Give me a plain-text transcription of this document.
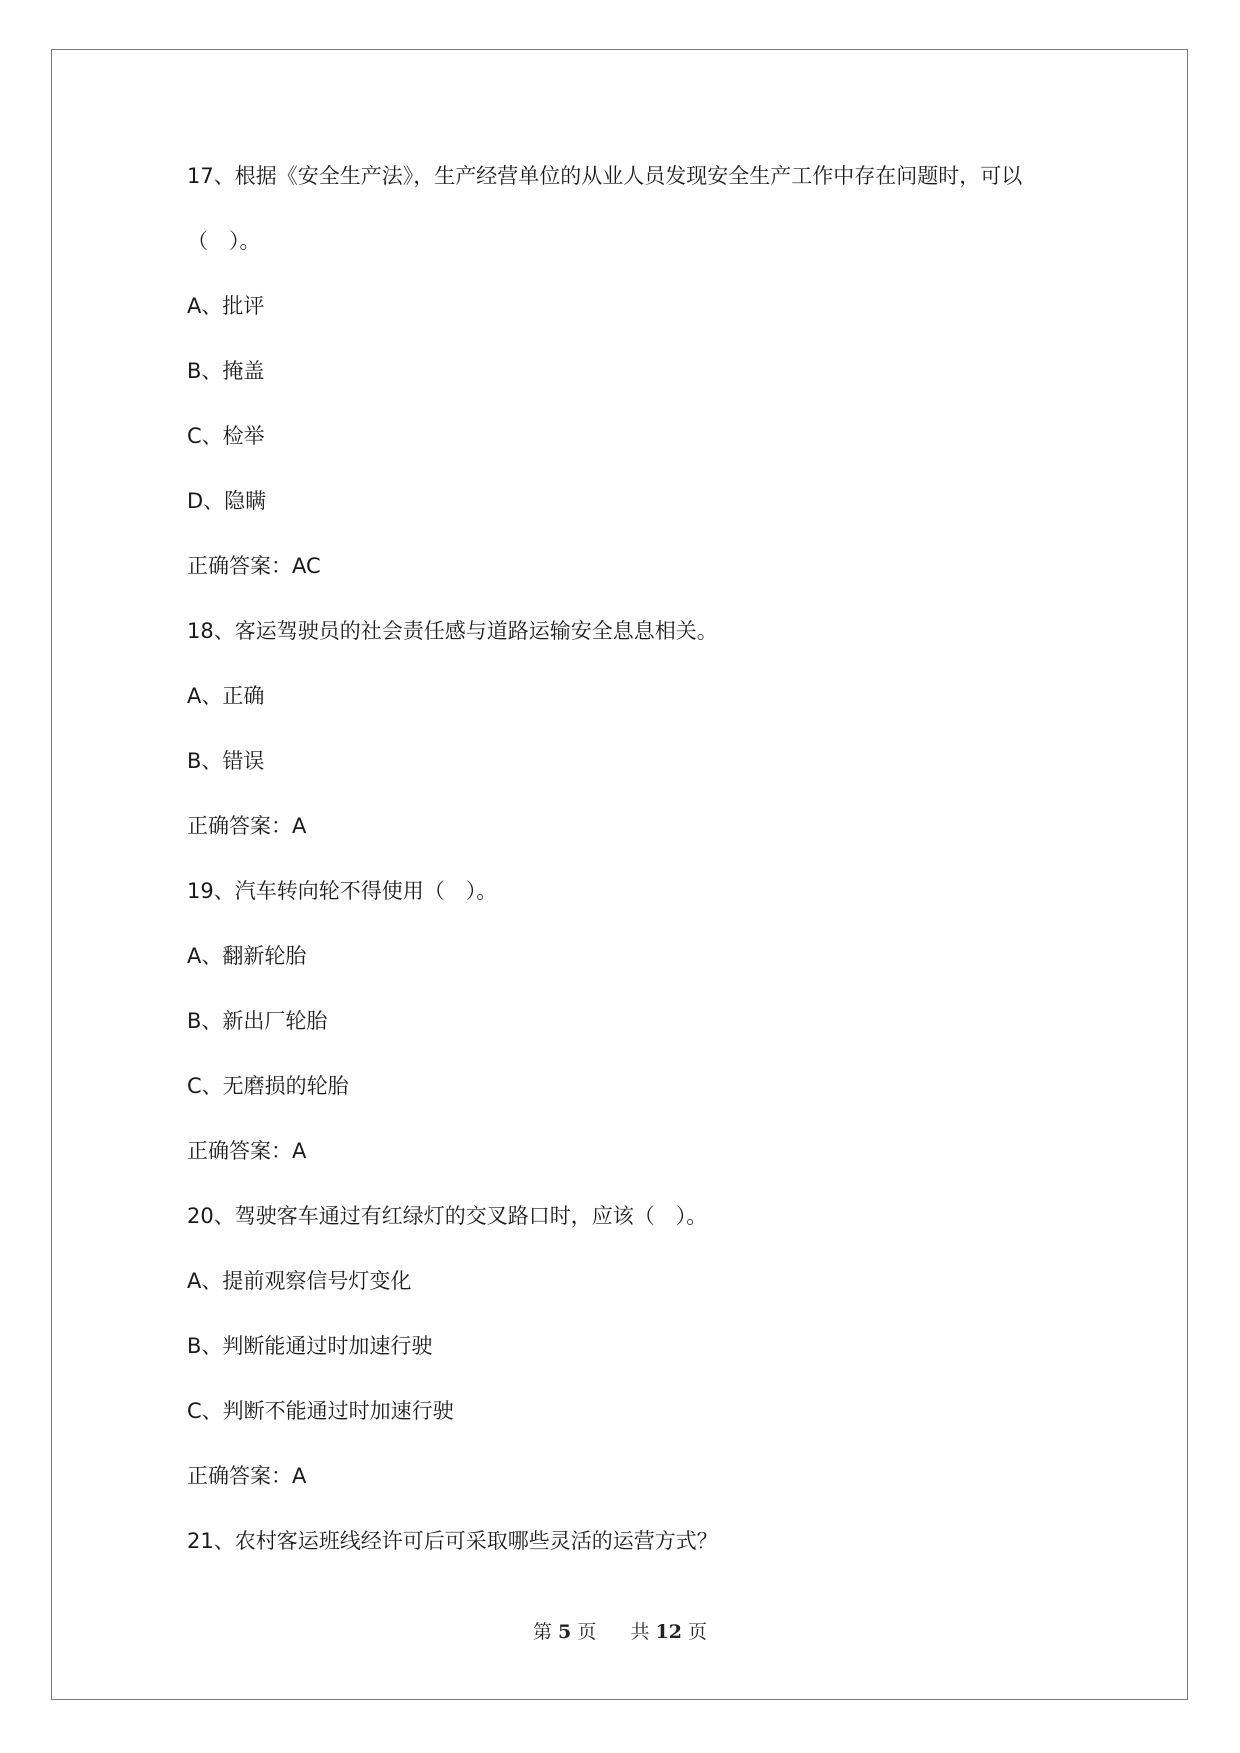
17、根据《安全生产法》，生产经营单位的从业人员发现安全生产工作中存在问题时，可以
（　）。
A、批评
B、掩盖
C、检举
D、隐瞒
正确答案：AC
18、客运驾驶员的社会责任感与道路运输安全息息相关。
A、正确
B、错误
正确答案：A
19、汽车转向轮不得使用（　）。
A、翻新轮胎
B、新出厂轮胎
C、无磨损的轮胎
正确答案：A
20、驾驶客车通过有红绿灯的交叉路口时，应该（　）。
A、提前观察信号灯变化
B、判断能通过时加速行驶
C、判断不能通过时加速行驶
正确答案：A
21、农村客运班线经许可后可采取哪些灵活的运营方式？
第 5 页 共 12 页
